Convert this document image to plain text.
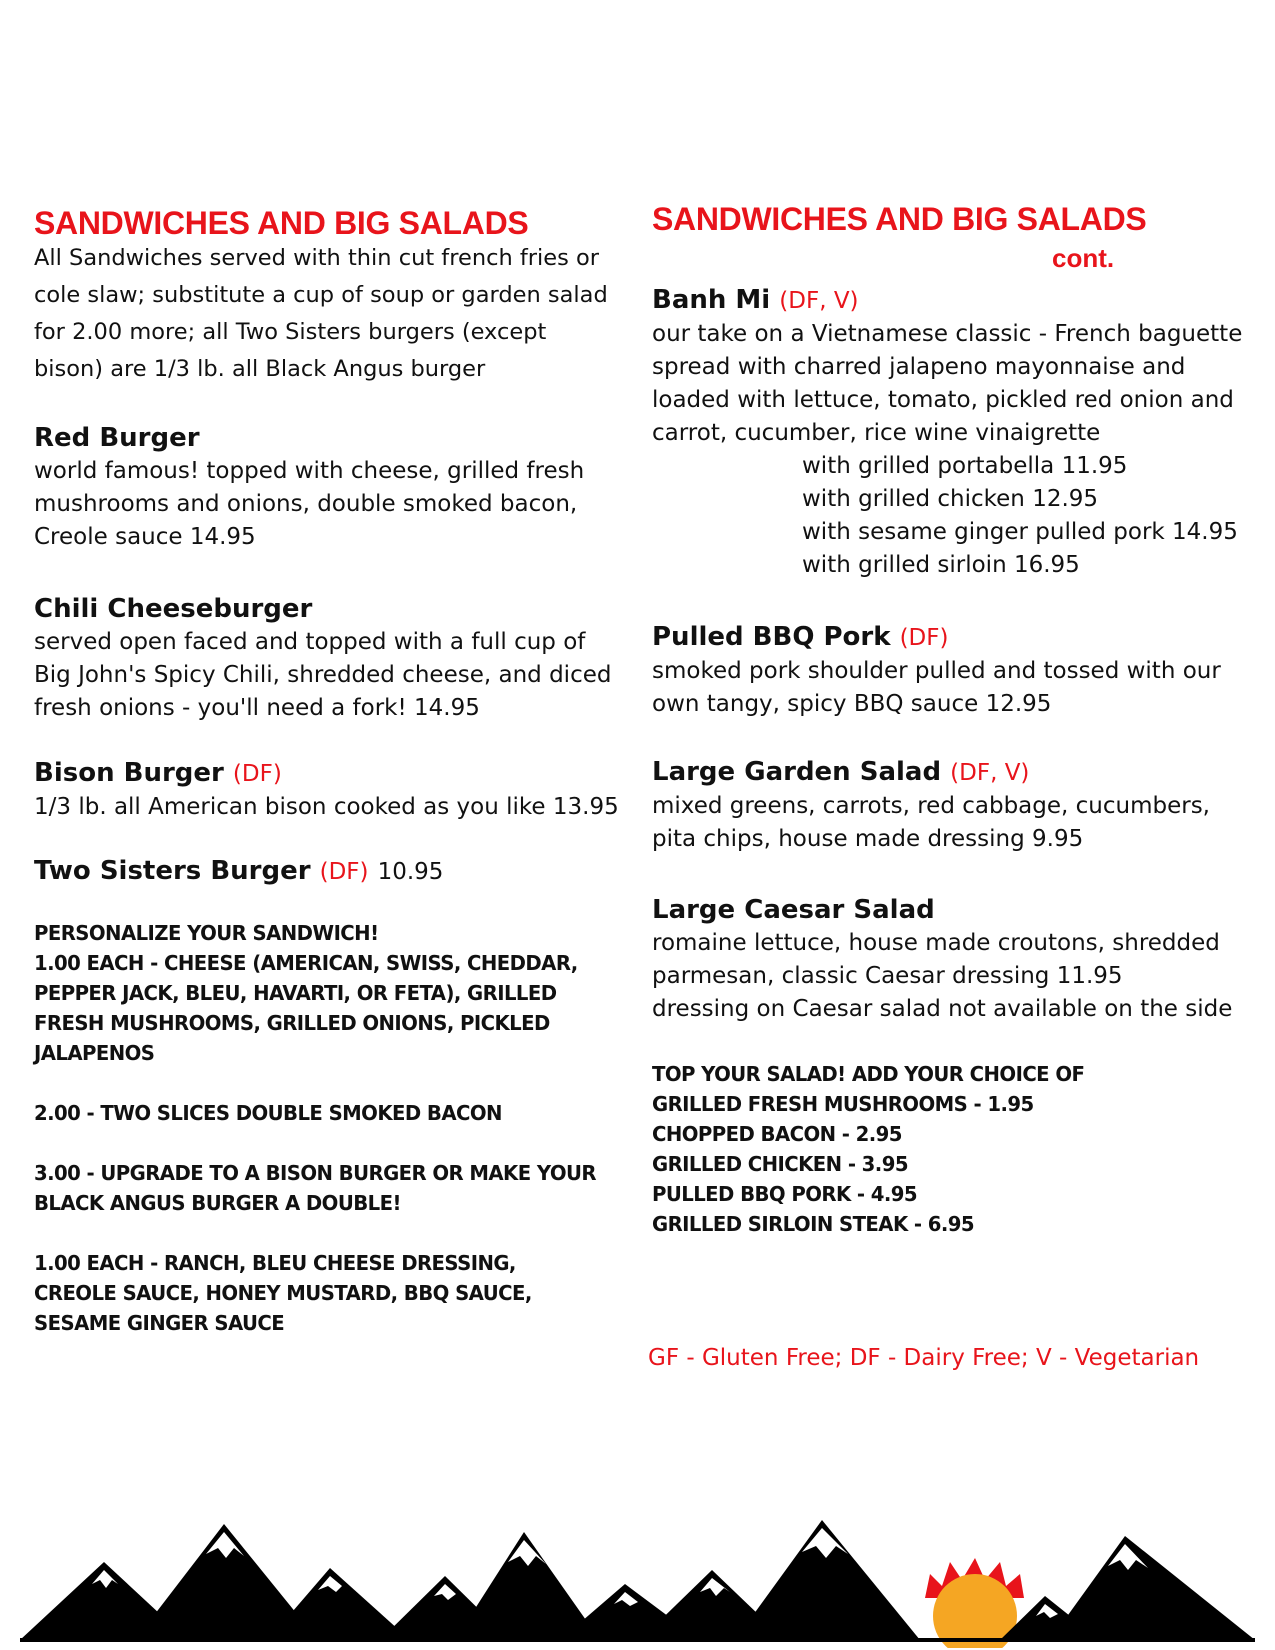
SANDWICHES AND BIG SALADS

All Sandwiches served with thin cut french fries or

cole slaw; substitute a cup of soup or garden salad

for 2.00 more; all Two Sisters burgers (except

bison) are 1/3 lb. all Black Angus burger

Red Burger

world famous! topped with cheese, grilled fresh

mushrooms and onions, double smoked bacon,

Creole sauce 14.95

Chili Cheeseburger

served open faced and topped with a full cup of

Big John's Spicy Chili, shredded cheese, and diced

fresh onions - you'll need a fork! 14.95

Bison Burger (DF)

1/3 lb. all American bison cooked as you like 13.95

Two Sisters Burger (DF) 10.95

PERSONALIZE YOUR SANDWICH!

1.00 EACH - CHEESE (AMERICAN, SWISS, CHEDDAR,

PEPPER JACK, BLEU, HAVARTI, OR FETA), GRILLED

FRESH MUSHROOMS, GRILLED ONIONS, PICKLED

JALAPENOS

2.00 - TWO SLICES DOUBLE SMOKED BACON

3.00 - UPGRADE TO A BISON BURGER OR MAKE YOUR

BLACK ANGUS BURGER A DOUBLE!

1.00 EACH - RANCH, BLEU CHEESE DRESSING,

CREOLE SAUCE, HONEY MUSTARD, BBQ SAUCE,

SESAME GINGER SAUCE

SANDWICHES AND BIG SALADS
cont.

Banh Mi (DF, V)

our take on a Vietnamese classic - French baguette

spread with charred jalapeno mayonnaise and

loaded with lettuce, tomato, pickled red onion and

carrot, cucumber, rice wine vinaigrette

with grilled portabella 11.95

with grilled chicken 12.95

with sesame ginger pulled pork 14.95

with grilled sirloin 16.95

Pulled BBQ Pork (DF)

smoked pork shoulder pulled and tossed with our

own tangy, spicy BBQ sauce 12.95

Large Garden Salad (DF, V)

mixed greens, carrots, red cabbage, cucumbers,

pita chips, house made dressing 9.95

Large Caesar Salad

romaine lettuce, house made croutons, shredded

parmesan, classic Caesar dressing 11.95

dressing on Caesar salad not available on the side

TOP YOUR SALAD! ADD YOUR CHOICE OF

GRILLED FRESH MUSHROOMS - 1.95

CHOPPED BACON - 2.95

GRILLED CHICKEN - 3.95

PULLED BBQ PORK - 4.95

GRILLED SIRLOIN STEAK - 6.95

GF - Gluten Free; DF - Dairy Free; V - Vegetarian
